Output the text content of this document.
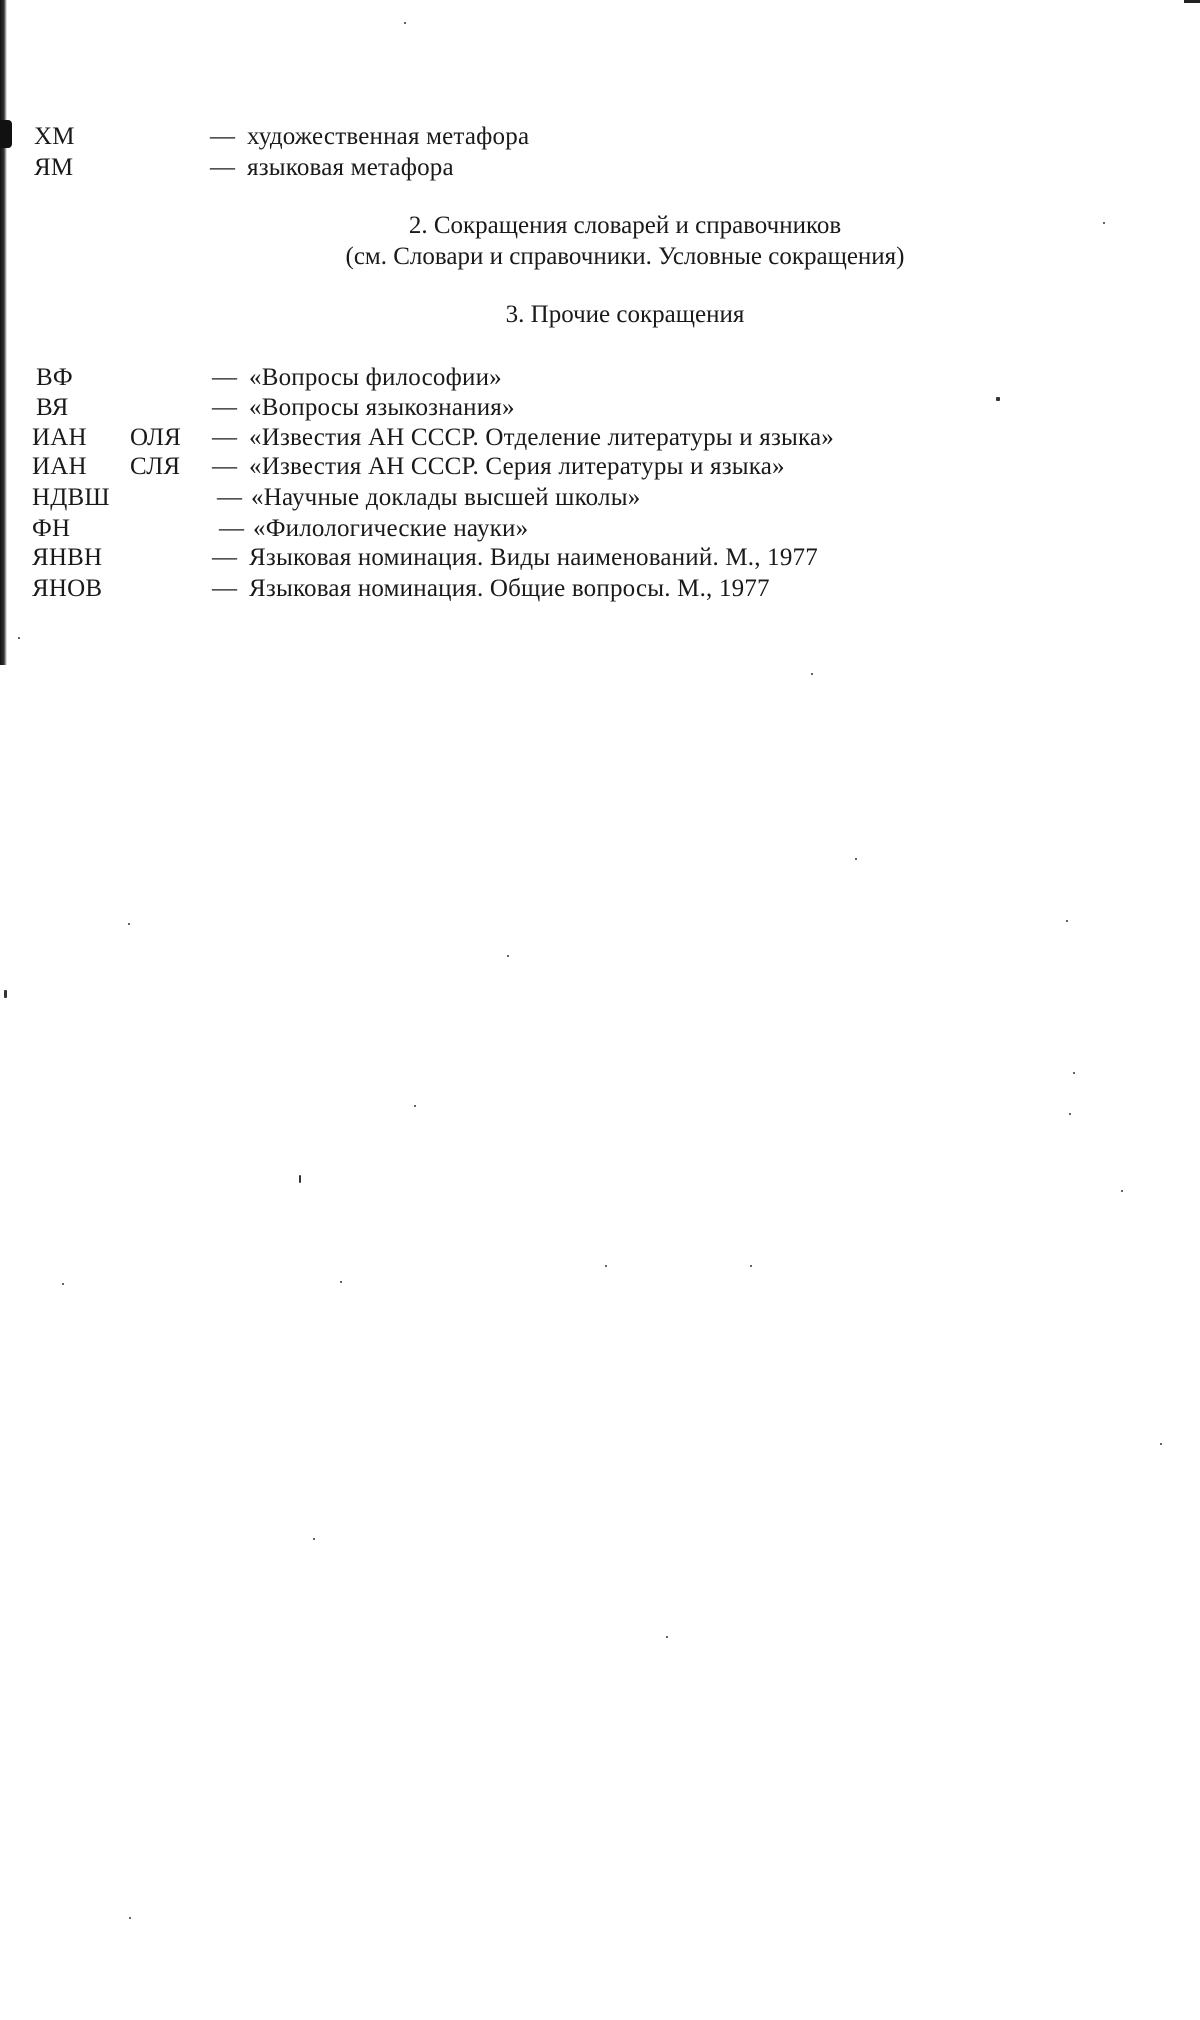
ХМ	— художественная метафора
ЯМ	— языковая метафора
2. Сокращения словарей и справочников
(см. Словари и справочники. Условные сокращения)
3. Прочие сокращения
ВФ	— «Вопросы философии»
ВЯ	— «Вопросы языкознания»
ИАН ОЛЯ — «Известия АН СССР. Отделение литературы и языка»
ИАН СЛЯ — «Известия АН СССР. Серия литературы и языка»
НДВШ	— «Научные доклады высшей школы»
ФН	— «Филологические науки»
ЯНВН	— Языковая номинация. Виды наименований. М., 1977
ЯНОВ	— Языковая номинация. Общие вопросы. М., 1977
